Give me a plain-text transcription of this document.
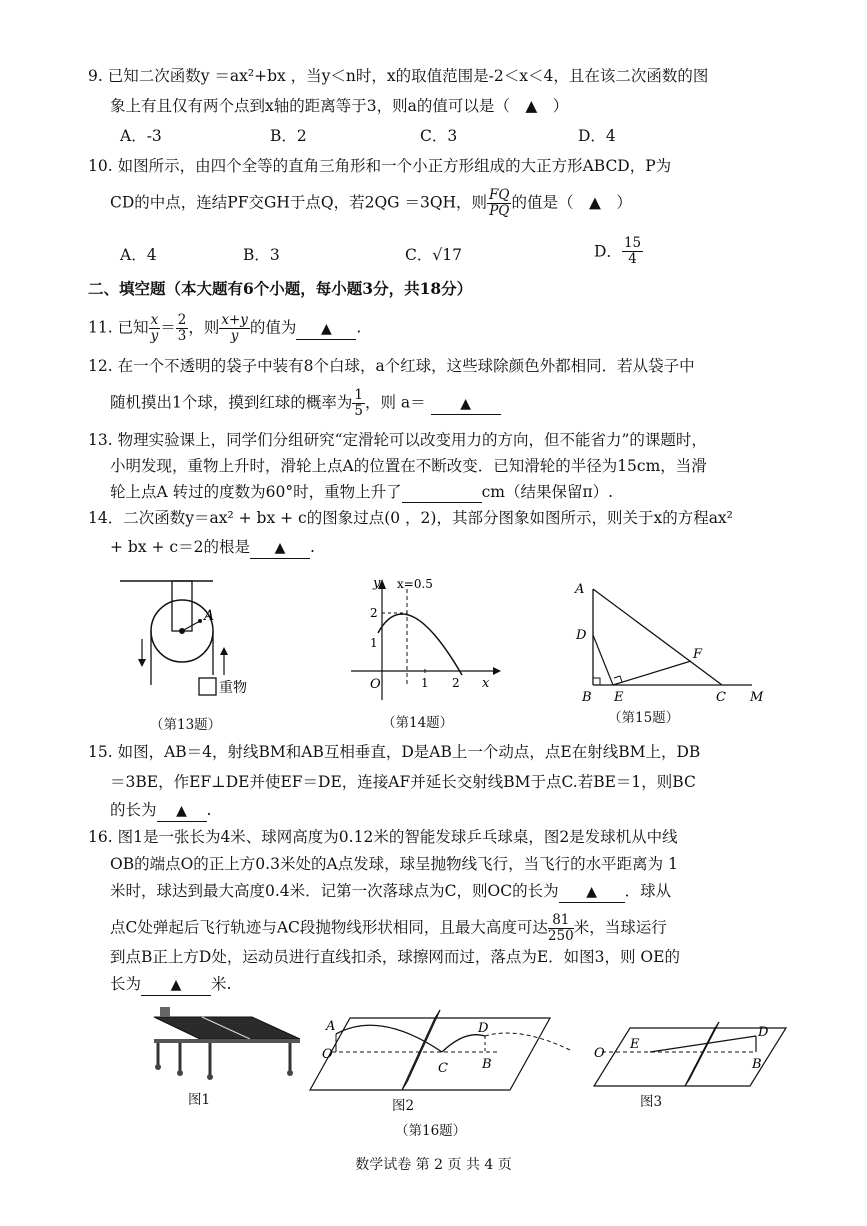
9. 已知二次函数y ＝ax²+bx ，当y＜n时，x的取值范围是-2＜x＜4，且在该二次函数的图
象上有且仅有两个点到x轴的距离等于3，则a的值可以是（　▲　）
A．-3	B．2	C．3	D．4
10. 如图所示，由四个全等的直角三角形和一个小正方形组成的大正方形ABCD，P为
CD的中点，连结PF交GH于点Q，若2QG ＝3QH，则 $\frac{FQ}{PQ}$ 的值是（　▲　）
A．4	B．3	C．√17	D． $\frac{15}{4}$
二、填空题（本大题有6个小题，每小题3分，共18分）
11. 已知 $\frac{x}{y} = \frac{2}{3}$ ，则 $\frac{x+y}{y}$ 的值为 ▲ .
12. 在一个不透明的袋子中装有8个白球，a个红球，这些球除颜色外都相同．若从袋子中
随机摸出1个球，摸到红球的概率为 $\frac{1}{5}$ ，则 a＝ ▲
13. 物理实验课上，同学们分组研究“定滑轮可以改变用力的方向，但不能省力”的课题时，
小明发现，重物上升时，滑轮上点A的位置在不断改变．已知滑轮的半径为15cm，当滑
轮上点A 转过的度数为60°时，重物上升了	cm（结果保留π）.
14．二次函数y＝ax² + bx + c的图象过点(0 ，2)，其部分图象如图所示，则关于x的方程ax²
+ bx + c＝2的根是 ▲ .
A
重物
（第13题）
y x=0.5
2
1
O	1 2 x
（第14题）
A
D
B E
F
C M
（第15题）
15. 如图，AB＝4，射线BM和AB互相垂直，D是AB上一个动点，点E在射线BM上，DB
＝3BE，作EF⊥DE并使EF＝DE，连接AF并延长交射线BM于点C.若BE＝1，则BC
的长为 ▲ .
16. 图1是一张长为4米、球网高度为0.12米的智能发球乒乓球桌，图2是发球机从中线
OB的端点O的正上方0.3米处的A点发球，球呈抛物线飞行，当飞行的水平距离为 1
米时，球达到最大高度0.4米．记第一次落球点为C，则OC的长为 ▲ ．球从
点C处弹起后飞行轨迹与AC段抛物线形状相同，且最大高度可达 $\frac{81}{250}$ 米，当球运行
到点B正上方D处，运动员进行直线扣杀，球擦网而过，落点为E．如图3，则 OE的
长为 ▲ 米.
图1
A
O
C
D
B
图2
O
E
D
B
图3
（第16题）
数学试卷 第 2 页 共 4 页
